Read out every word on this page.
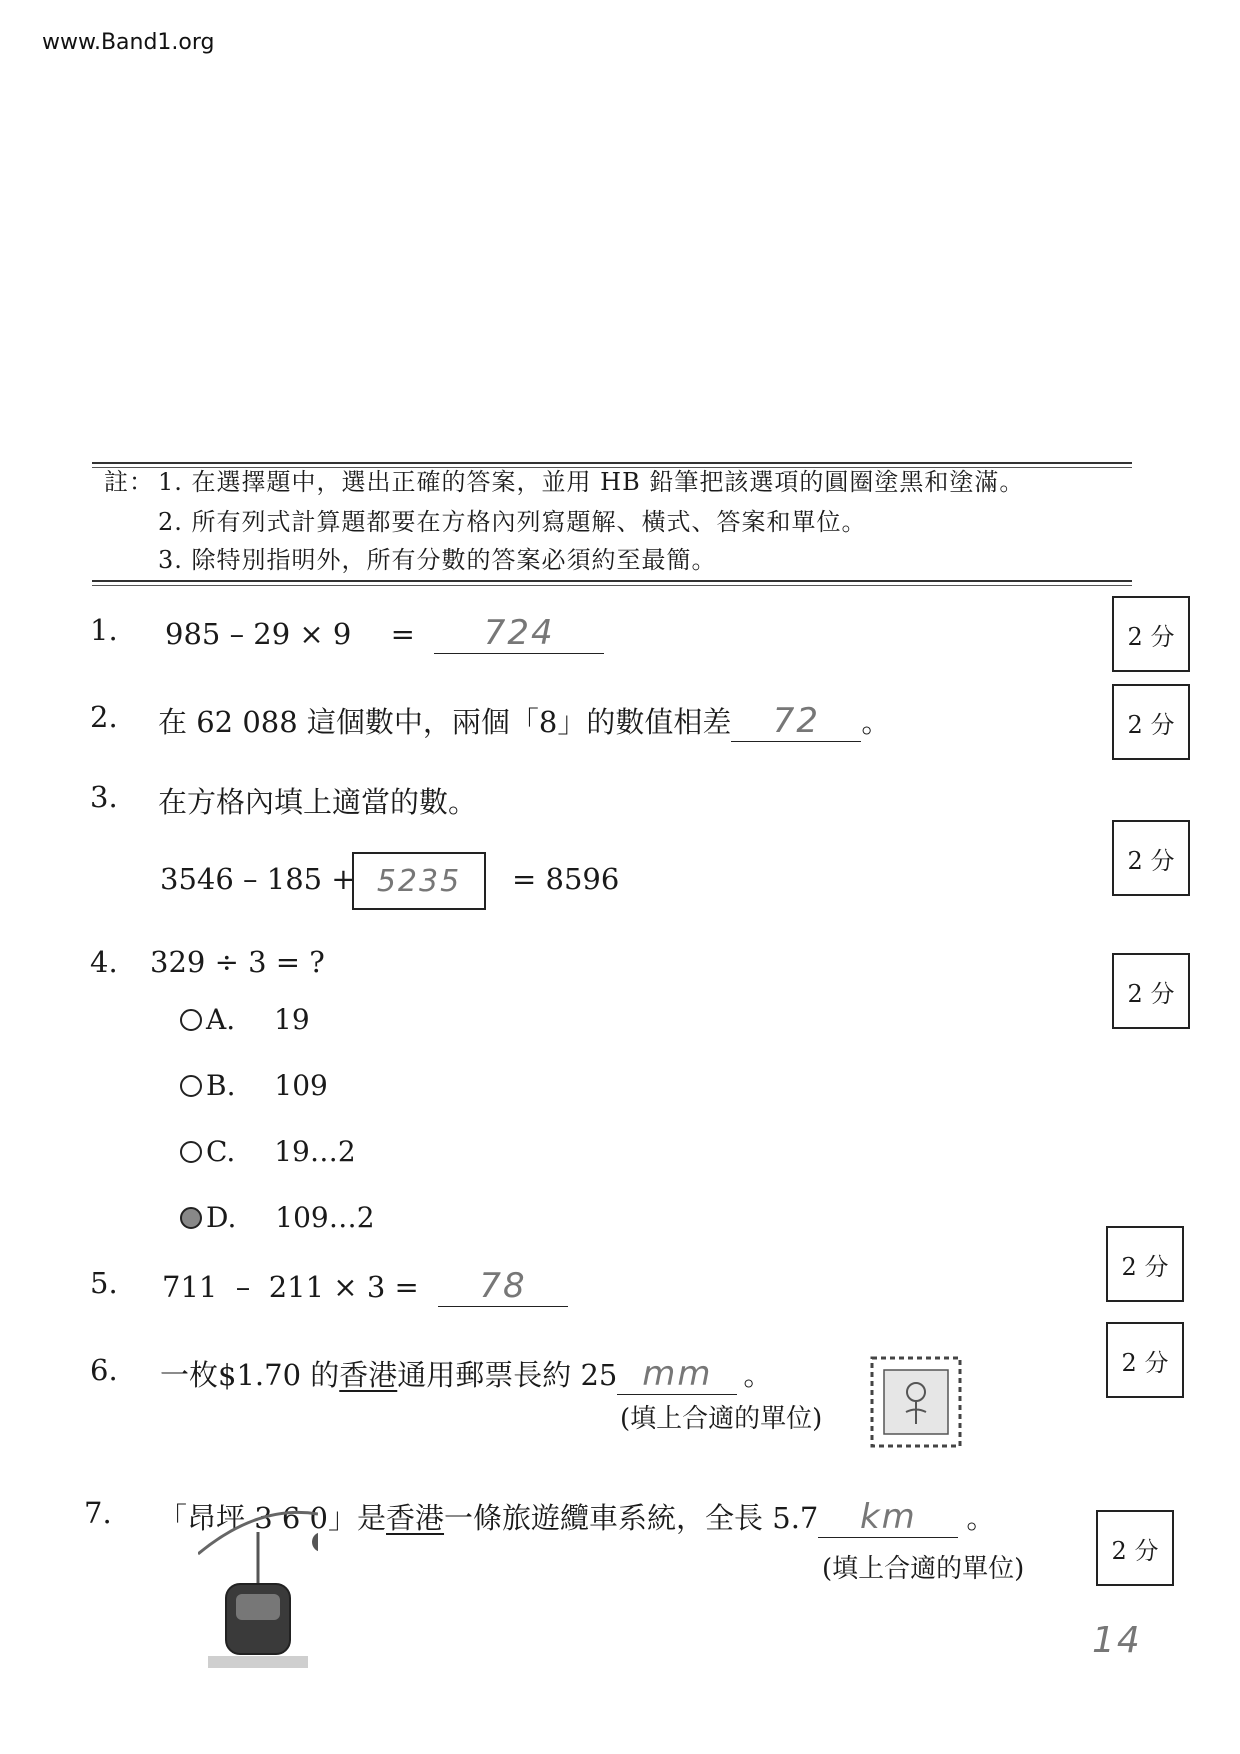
www.Band1.org
註： 1. 在選擇題中，選出正確的答案，並用 HB 鉛筆把該選項的圓圈塗黑和塗滿。
2. 所有列式計算題都要在方格內列寫題解、橫式、答案和單位。
3. 除特別指明外，所有分數的答案必須約至最簡。
1. 985 – 29 × 9 = 724	2 分
2. 在 62 088 這個數中，兩個「8」的數值相差 72 。	2 分
3. 在方格內填上適當的數。
3546 – 185 + 5235	= 8596
2 分
4. 329 ÷ 3 = ?
2 分
A. 19
B. 109
C. 19…2
D. 109…2
5. 711  –  211 × 3 = 78	2 分
6. 一枚$1.70 的香港通用郵票長約 25 mm 。
(填上合適的單位)
2 分
7. 「昂坪 3 6 0」是香港一條旅遊纜車系統，全長 5.7 km 。
(填上合適的單位)
2 分
14
